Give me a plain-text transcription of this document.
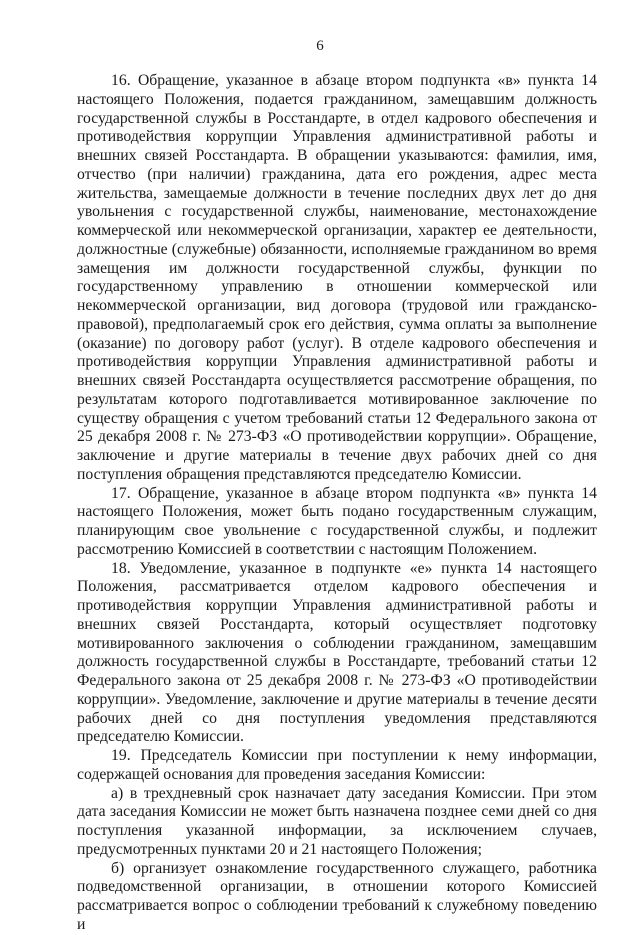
6

16. Обращение, указанное в абзаце втором подпункта «в» пункта 14 настоящего Положения, подается гражданином, замещавшим должность государственной службы в Росстандарте, в отдел кадрового обеспечения и противодействия коррупции Управления административной работы и внешних связей Росстандарта. В обращении указываются: фамилия, имя, отчество (при наличии) гражданина, дата его рождения, адрес места жительства, замещаемые должности в течение последних двух лет до дня увольнения с государственной службы, наименование, местонахождение коммерческой или некоммерческой организации, характер ее деятельности, должностные (служебные) обязанности, исполняемые гражданином во время замещения им должности государственной службы, функции по государственному управлению в отношении коммерческой или некоммерческой организации, вид договора (трудовой или гражданско-правовой), предполагаемый срок его действия, сумма оплаты за выполнение (оказание) по договору работ (услуг). В отделе кадрового обеспечения и противодействия коррупции Управления административной работы и внешних связей Росстандарта осуществляется рассмотрение обращения, по результатам которого подготавливается мотивированное заключение по существу обращения с учетом требований статьи 12 Федерального закона от 25 декабря 2008 г. № 273-ФЗ «О противодействии коррупции». Обращение, заключение и другие материалы в течение двух рабочих дней со дня поступления обращения представляются председателю Комиссии.

17. Обращение, указанное в абзаце втором подпункта «в» пункта 14 настоящего Положения, может быть подано государственным служащим, планирующим свое увольнение с государственной службы, и подлежит рассмотрению Комиссией в соответствии с настоящим Положением.

18. Уведомление, указанное в подпункте «е» пункта 14 настоящего Положения, рассматривается отделом кадрового обеспечения и противодействия коррупции Управления административной работы и внешних связей Росстандарта, который осуществляет подготовку мотивированного заключения о соблюдении гражданином, замещавшим должность государственной службы в Росстандарте, требований статьи 12 Федерального закона от 25 декабря 2008 г. № 273-ФЗ «О противодействии коррупции». Уведомление, заключение и другие материалы в течение десяти рабочих дней со дня поступления уведомления представляются председателю Комиссии.

19. Председатель Комиссии при поступлении к нему информации, содержащей основания для проведения заседания Комиссии:

а) в трехдневный срок назначает дату заседания Комиссии. При этом дата заседания Комиссии не может быть назначена позднее семи дней со дня поступления указанной информации, за исключением случаев, предусмотренных пунктами 20 и 21 настоящего Положения;

б) организует ознакомление государственного служащего, работника подведомственной организации, в отношении которого Комиссией рассматривается вопрос о соблюдении требований к служебному поведению и
